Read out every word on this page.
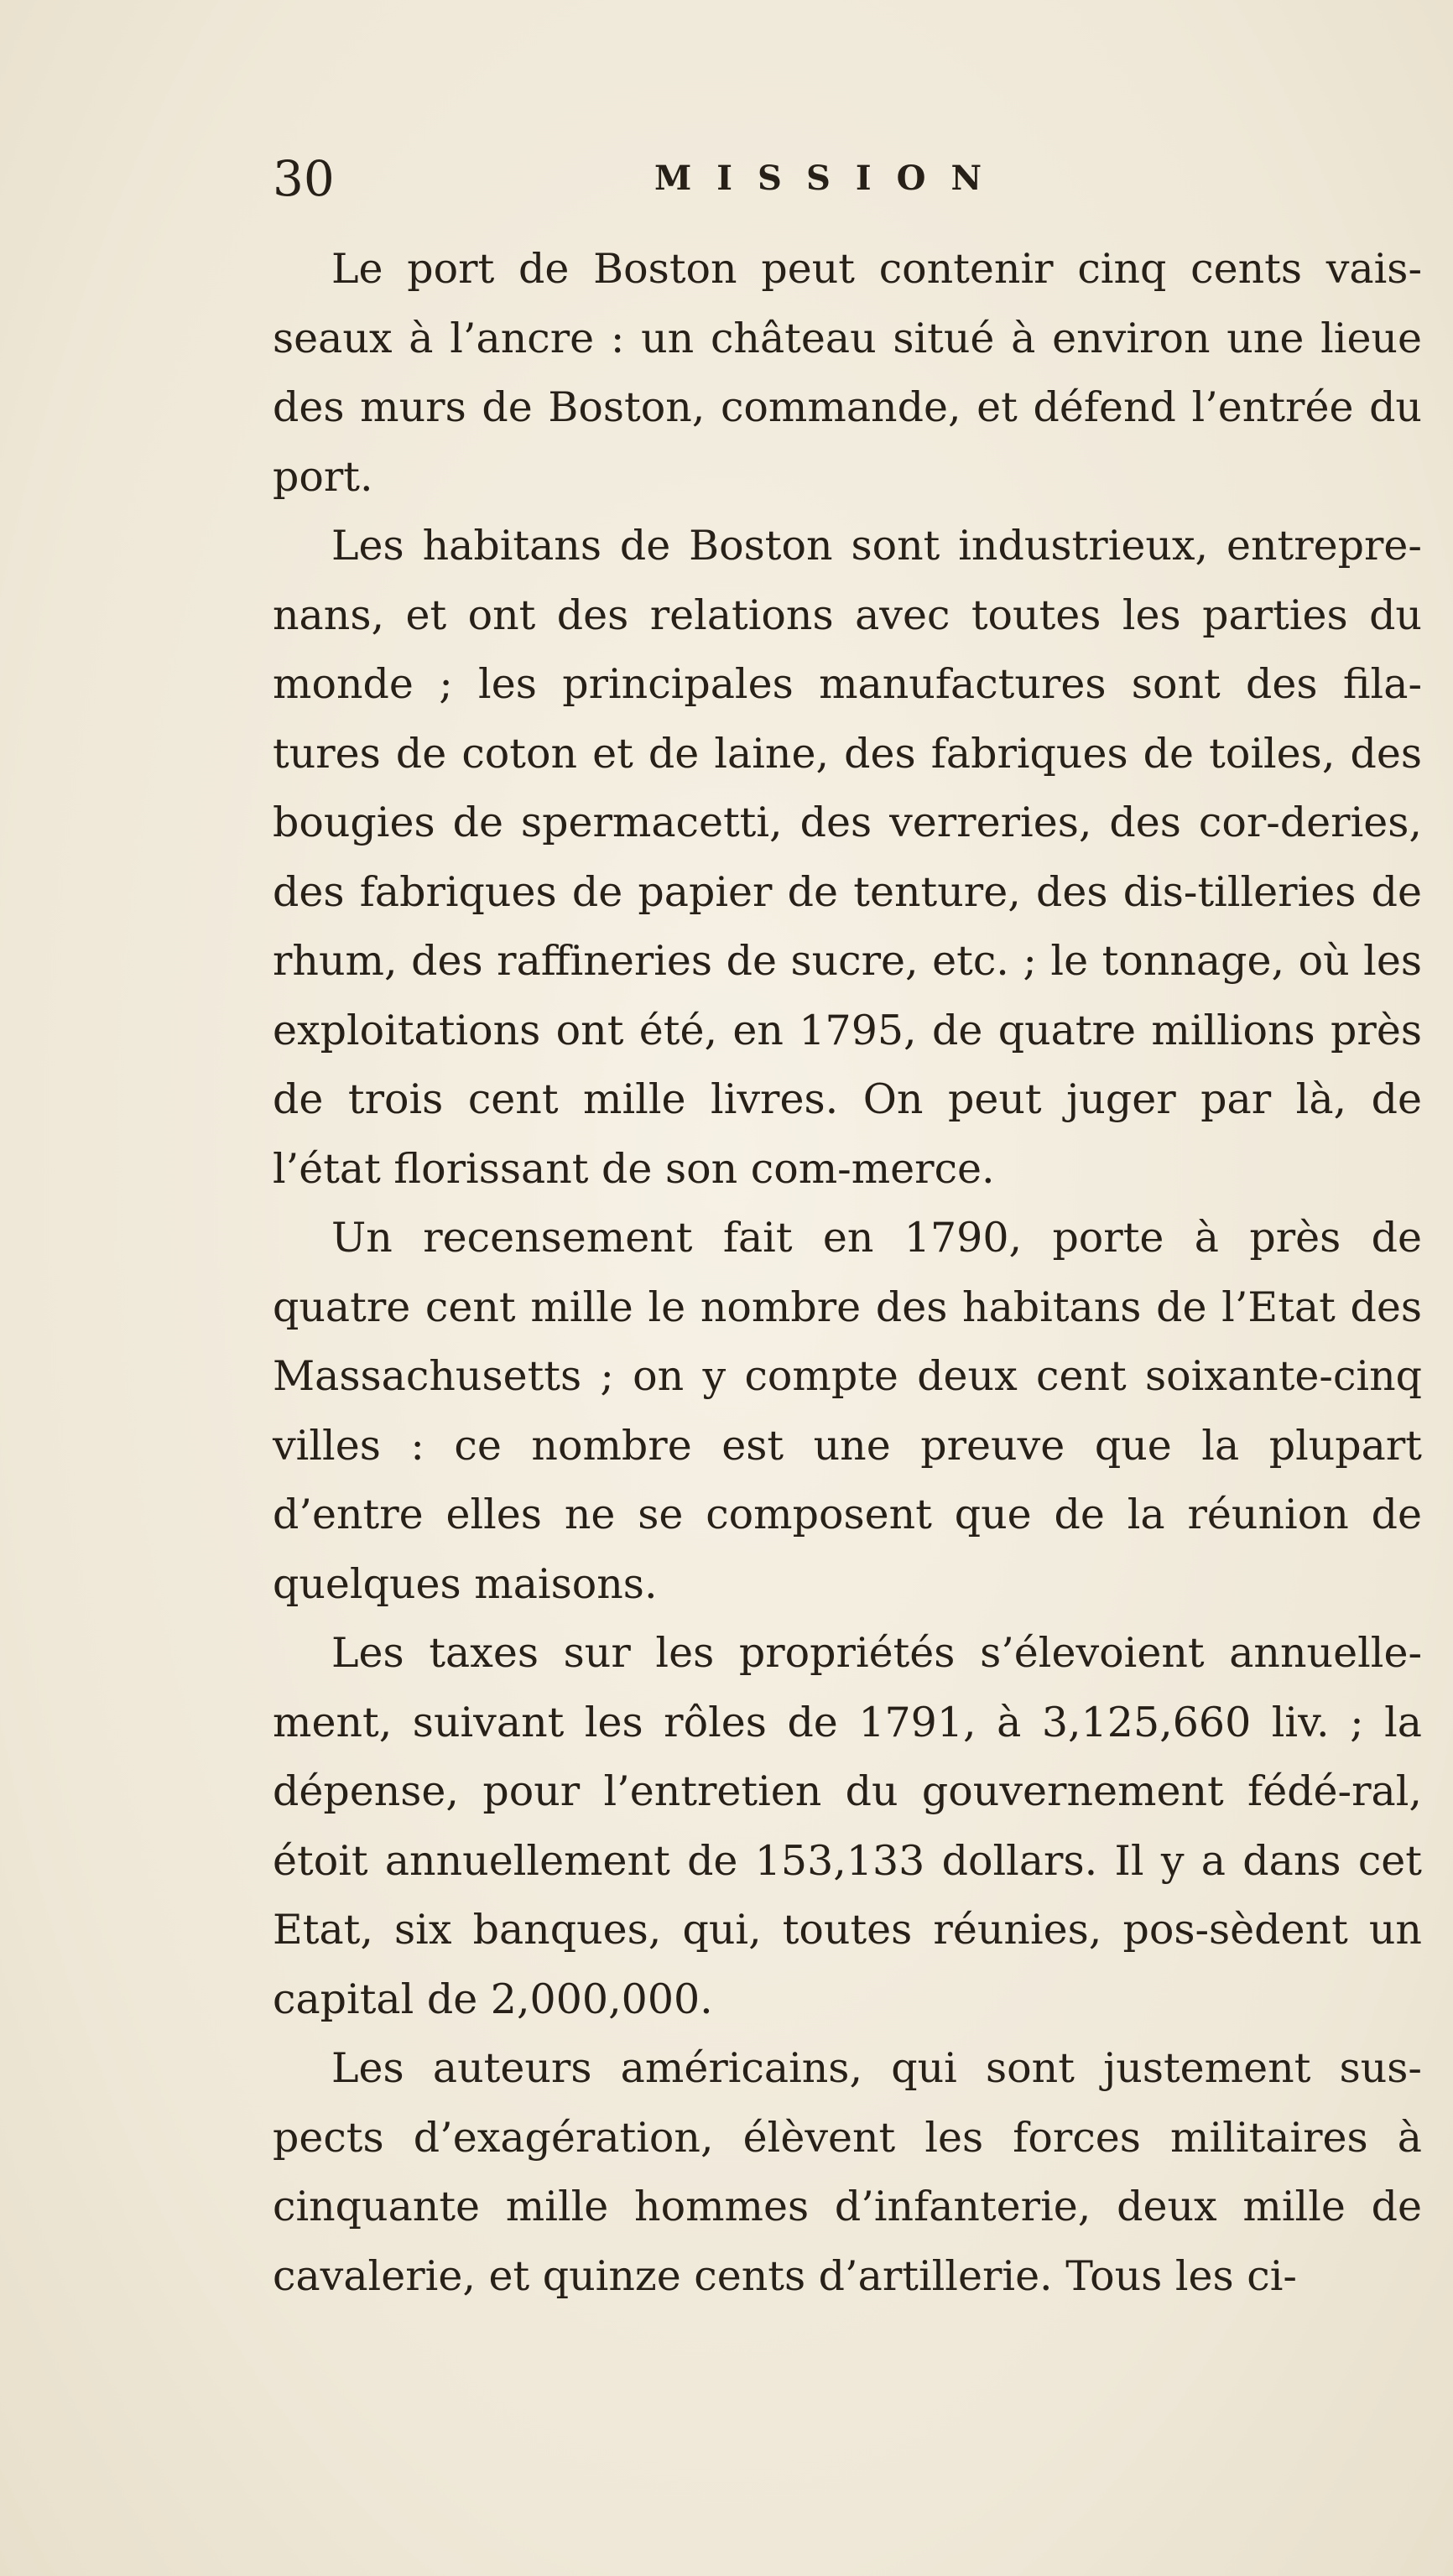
30	MISSION

Le port de Boston peut contenir cinq cents vais-seaux à l’ancre : un château situé à environ une lieue des murs de Boston, commande, et défend l’entrée du port.

Les habitans de Boston sont industrieux, entrepre-nans, et ont des relations avec toutes les parties du monde ; les principales manufactures sont des fila-tures de coton et de laine, des fabriques de toiles, des bougies de spermacetti, des verreries, des cor-deries, des fabriques de papier de tenture, des dis-tilleries de rhum, des raffineries de sucre, etc. ; le tonnage, où les exploitations ont été, en 1795, de quatre millions près de trois cent mille livres. On peut juger par là, de l’état florissant de son com-merce.

Un recensement fait en 1790, porte à près de quatre cent mille le nombre des habitans de l’Etat des Massachusetts ; on y compte deux cent soixante-cinq villes : ce nombre est une preuve que la plupart d’entre elles ne se composent que de la réunion de quelques maisons.

Les taxes sur les propriétés s’élevoient annuelle-ment, suivant les rôles de 1791, à 3,125,660 liv. ; la dépense, pour l’entretien du gouvernement fédé-ral, étoit annuellement de 153,133 dollars. Il y a dans cet Etat, six banques, qui, toutes réunies, pos-sèdent un capital de 2,000,000.

Les auteurs américains, qui sont justement sus-pects d’exagération, élèvent les forces militaires à cinquante mille hommes d’infanterie, deux mille de cavalerie, et quinze cents d’artillerie. Tous les ci-
